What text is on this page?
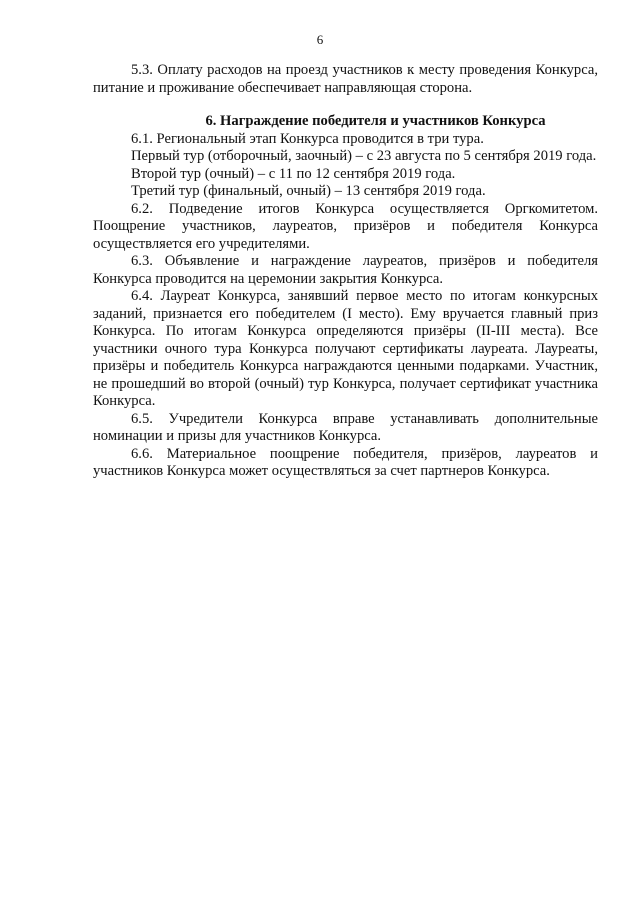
6

5.3. Оплату расходов на проезд участников к месту проведения Конкурса, питание и проживание обеспечивает направляющая сторона.

6. Награждение победителя и участников Конкурса

6.1. Региональный этап Конкурса проводится в три тура.

Первый тур (отборочный, заочный) – с 23 августа по 5 сентября 2019 года.

Второй тур (очный) – с 11 по 12 сентября 2019 года.

Третий тур (финальный, очный) – 13 сентября 2019 года.

6.2. Подведение итогов Конкурса осуществляется Оргкомитетом. Поощрение участников, лауреатов, призёров и победителя Конкурса осуществляется его учредителями.

6.3. Объявление и награждение лауреатов, призёров и победителя Конкурса проводится на церемонии закрытия Конкурса.

6.4. Лауреат Конкурса, занявший первое место по итогам конкурсных заданий, признается его победителем (I место). Ему вручается главный приз Конкурса. По итогам Конкурса определяются призёры (II-III места). Все участники очного тура Конкурса получают сертификаты лауреата. Лауреаты, призёры и победитель Конкурса награждаются ценными подарками. Участник, не прошедший во второй (очный) тур Конкурса, получает сертификат участника Конкурса.

6.5. Учредители Конкурса вправе устанавливать дополнительные номинации и призы для участников Конкурса.

6.6. Материальное поощрение победителя, призёров, лауреатов и участников Конкурса может осуществляться за счет партнеров Конкурса.
